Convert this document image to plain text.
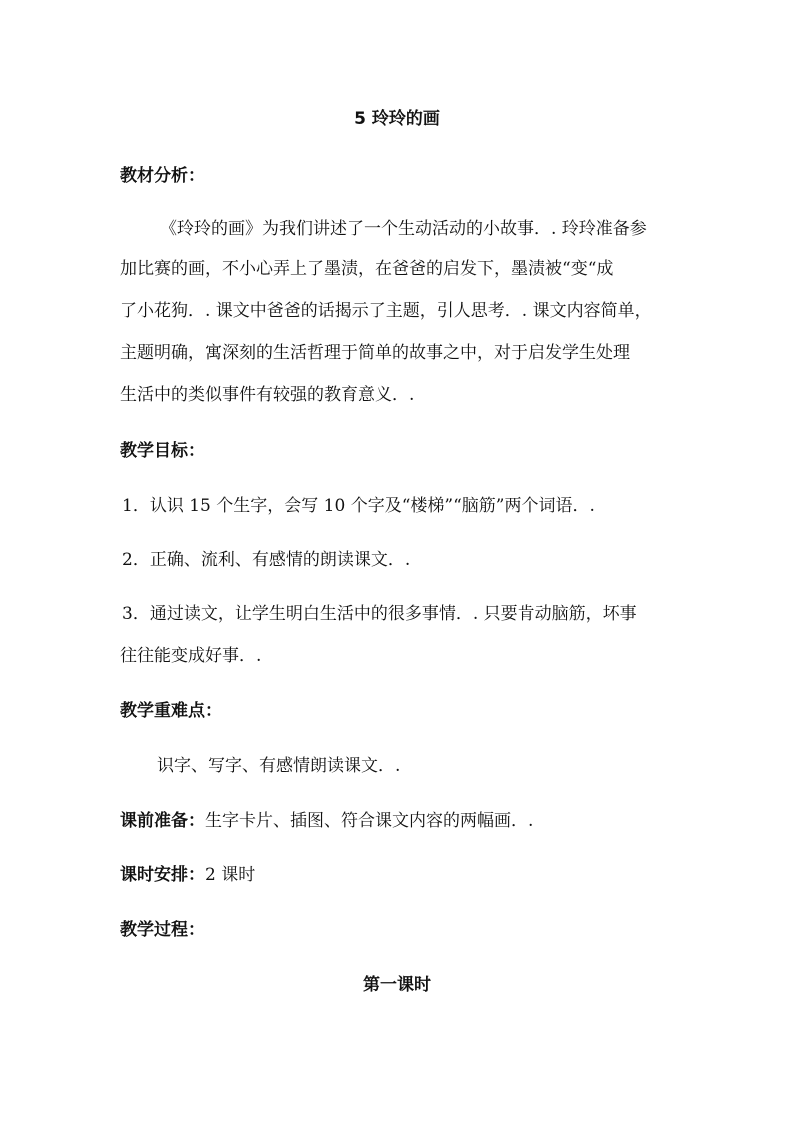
5 玲玲的画
教材分析：
《玲玲的画》为我们讲述了一个生动活动的小故事．. 玲玲准备参
加比赛的画，不小心弄上了墨渍，在爸爸的启发下，墨渍被“变“成
了小花狗．. 课文中爸爸的话揭示了主题，引人思考．. 课文内容简单，
主题明确，寓深刻的生活哲理于简单的故事之中，对于启发学生处理
生活中的类似事件有较强的教育意义．.
教学目标：
1．认识 15 个生字，会写 10 个字及“楼梯”“脑筋”两个词语．.
2．正确、流利、有感情的朗读课文．.
3．通过读文，让学生明白生活中的很多事情．. 只要肯动脑筋，坏事
往往能变成好事．.
教学重难点：
识字、写字、有感情朗读课文．.
课前准备：生字卡片、插图、符合课文内容的两幅画．.
课时安排：2 课时
教学过程：
第一课时
